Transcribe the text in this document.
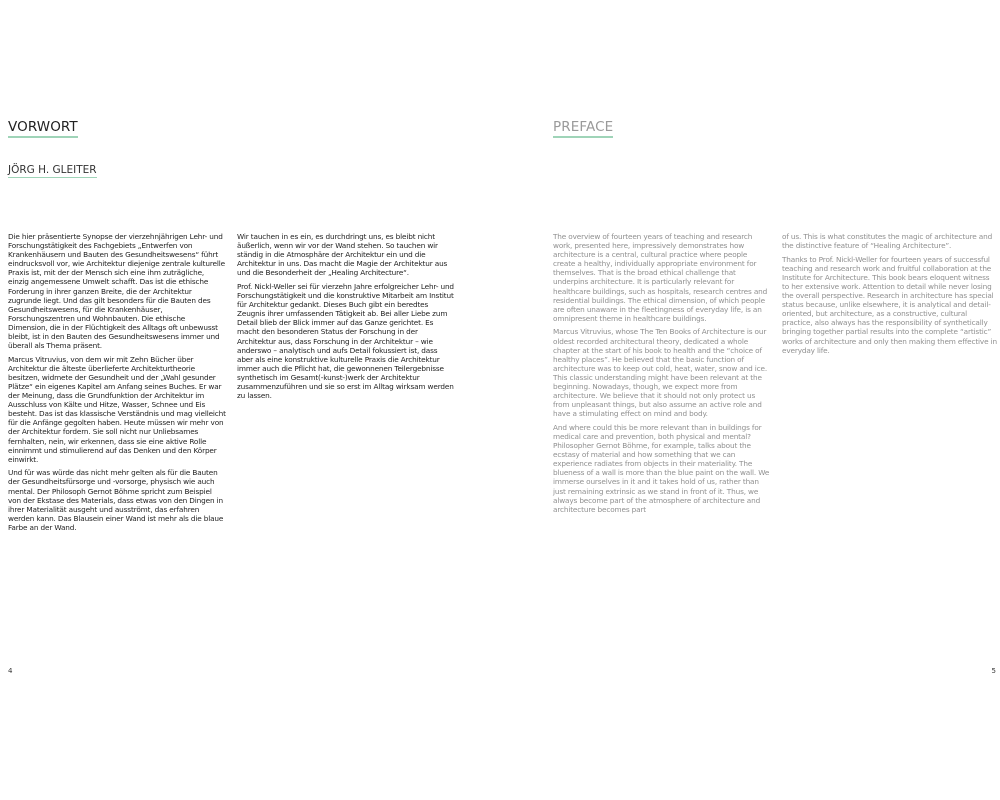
VORWORT
JÖRG H. GLEITER

Die hier präsentierte Synopse der vierzehnjährigen Lehr- und Forschungstätigkeit des Fachgebiets „Entwerfen von Krankenhäusern und Bauten des Gesundheitswesens“ führt eindrucksvoll vor, wie Architektur diejenige zentrale kulturelle Praxis ist, mit der der Mensch sich eine ihm zuträgliche, einzig angemessene Umwelt schafft. Das ist die ethische Forderung in ihrer ganzen Breite, die der Architektur zugrunde liegt. Und das gilt besonders für die Bauten des Gesundheitswesens, für die Krankenhäuser, Forschungszentren und Wohnbauten. Die ethische Dimension, die in der Flüchtigkeit des Alltags oft unbewusst bleibt, ist in den Bauten des Gesundheitswesens immer und überall als Thema präsent.

Marcus Vitruvius, von dem wir mit Zehn Bücher über Architektur die älteste überlieferte Architekturtheorie besitzen, widmete der Gesundheit und der „Wahl gesunder Plätze“ ein eigenes Kapitel am Anfang seines Buches. Er war der Meinung, dass die Grundfunktion der Architektur im Ausschluss von Kälte und Hitze, Wasser, Schnee und Eis besteht. Das ist das klassische Verständnis und mag vielleicht für die Anfänge gegolten haben. Heute müssen wir mehr von der Architektur fordern. Sie soll nicht nur Unliebsames fernhalten, nein, wir erkennen, dass sie eine aktive Rolle einnimmt und stimulierend auf das Denken und den Körper einwirkt.

Und für was würde das nicht mehr gelten als für die Bauten der Gesundheitsfürsorge und -vorsorge, physisch wie auch mental. Der Philosoph Gernot Böhme spricht zum Beispiel von der Ekstase des Materials, dass etwas von den Dingen in ihrer Materialität ausgeht und ausströmt, das erfahren werden kann. Das Blausein einer Wand ist mehr als die blaue Farbe an der Wand.

Wir tauchen in es ein, es durchdringt uns, es bleibt nicht äußerlich, wenn wir vor der Wand stehen. So tauchen wir ständig in die Atmosphäre der Architektur ein und die Architektur in uns. Das macht die Magie der Architektur aus und die Besonderheit der „Healing Architecture“.

Prof. Nickl-Weller sei für vierzehn Jahre erfolgreicher Lehr- und Forschungstätigkeit und die konstruktive Mitarbeit am Institut für Architektur gedankt. Dieses Buch gibt ein beredtes Zeugnis ihrer umfassenden Tätigkeit ab. Bei aller Liebe zum Detail blieb der Blick immer auf das Ganze gerichtet. Es macht den besonderen Status der Forschung in der Architektur aus, dass Forschung in der Architektur – wie anderswo – analytisch und aufs Detail fokussiert ist, dass aber als eine konstruktive kulturelle Praxis die Architektur immer auch die Pflicht hat, die gewonnenen Teilergebnisse synthetisch im Gesamt(-kunst-)werk der Architektur zusammenzuführen und sie so erst im Alltag wirksam werden zu lassen.

4
PREFACE

The overview of fourteen years of teaching and research work, presented here, impressively demonstrates how architecture is a central, cultural practice where people create a healthy, individually appropriate environment for themselves. That is the broad ethical challenge that underpins architecture. It is particularly relevant for healthcare buildings, such as hospitals, research centres and residential buildings. The ethical dimension, of which people are often unaware in the fleetingness of everyday life, is an omnipresent theme in healthcare buildings.

Marcus Vitruvius, whose The Ten Books of Architecture is our oldest recorded architectural theory, dedicated a whole chapter at the start of his book to health and the “choice of healthy places”. He believed that the basic function of architecture was to keep out cold, heat, water, snow and ice. This classic understanding might have been relevant at the beginning. Nowadays, though, we expect more from architecture. We believe that it should not only protect us from unpleasant things, but also assume an active role and have a stimulating effect on mind and body.

And where could this be more relevant than in buildings for medical care and prevention, both physical and mental? Philosopher Gernot Böhme, for example, talks about the ecstasy of material and how something that we can experience radiates from objects in their materiality. The blueness of a wall is more than the blue paint on the wall. We immerse ourselves in it and it takes hold of us, rather than just remaining extrinsic as we stand in front of it. Thus, we always become part of the atmosphere of architecture and architecture becomes part

of us. This is what constitutes the magic of architecture and the distinctive feature of “Healing Architecture”.

Thanks to Prof. Nickl-Weller for fourteen years of successful teaching and research work and fruitful collaboration at the Institute for Architecture. This book bears eloquent witness to her extensive work. Attention to detail while never losing the overall perspective. Research in architecture has special status because, unlike elsewhere, it is analytical and detail-oriented, but architecture, as a constructive, cultural practice, also always has the responsibility of synthetically bringing together partial results into the complete “artistic” works of architecture and only then making them effective in everyday life.

5
